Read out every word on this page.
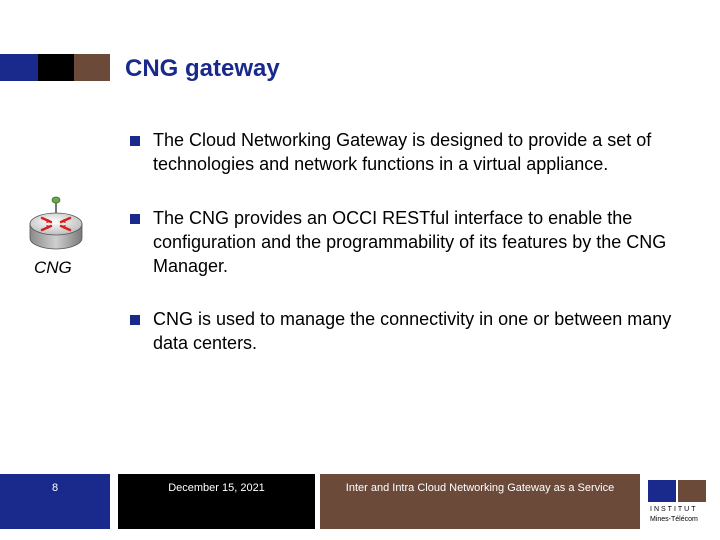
CNG gateway
CNG
The Cloud Networking Gateway is designed to provide a set of technologies and network functions in a virtual appliance.
The CNG provides an OCCI RESTful interface to enable the configuration and the programmability of its features by the CNG Manager.
CNG is used to manage the connectivity in one or between many data centers.
8	December 15, 2021	Inter and Intra Cloud Networking Gateway as a Service
INSTITUT
Mines-Télécom
